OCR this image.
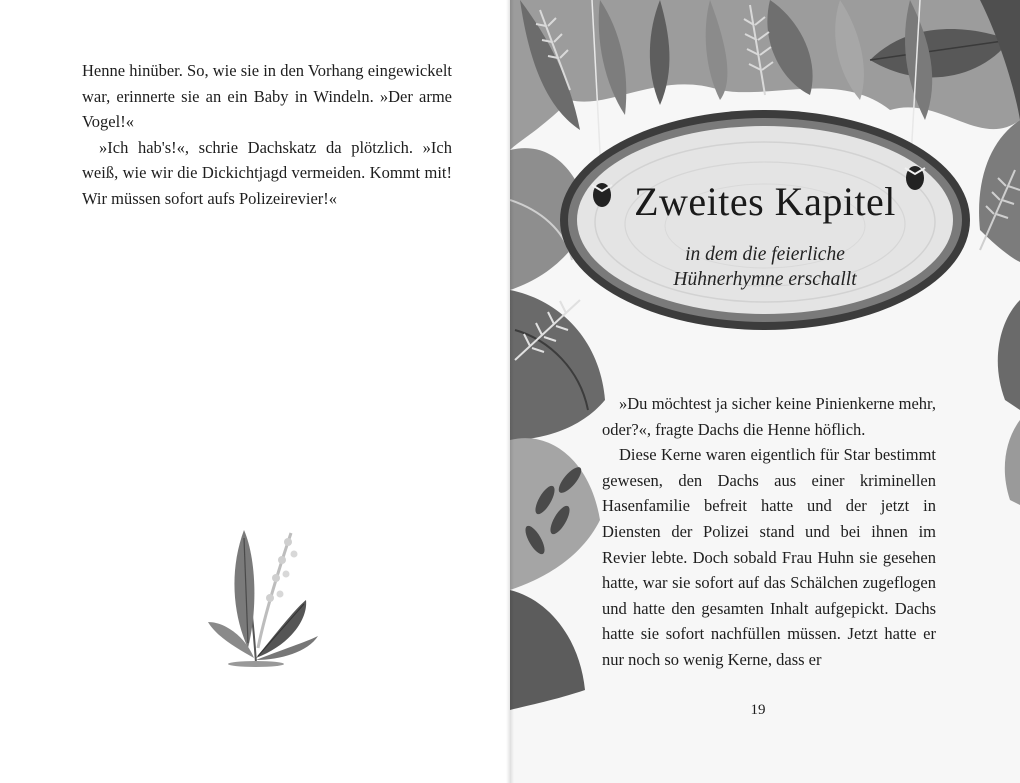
Henne hinüber. So, wie sie in den Vorhang eingewickelt war, erinnerte sie an ein Baby in Windeln. »Der arme Vogel!«

»Ich hab's!«, schrie Dachskatz da plötzlich. »Ich weiß, wie wir die Dickichtjagd vermeiden. Kommt mit! Wir müssen sofort aufs Polizeirevier!«	Zweites Kapitel
in dem die feierliche
Hühnerhymne erschallt

»Du möchtest ja sicher keine Pinienkerne mehr, oder?«, fragte Dachs die Henne höflich.

Diese Kerne waren eigentlich für Star bestimmt gewesen, den Dachs aus einer kriminellen Hasenfamilie befreit hatte und der jetzt in Diensten der Polizei stand und bei ihnen im Revier lebte. Doch sobald Frau Huhn sie gesehen hatte, war sie sofort auf das Schälchen zugeflogen und hatte den gesamten Inhalt aufgepickt. Dachs hatte sie sofort nachfüllen müssen. Jetzt hatte er nur noch so wenig Kerne, dass er

19
